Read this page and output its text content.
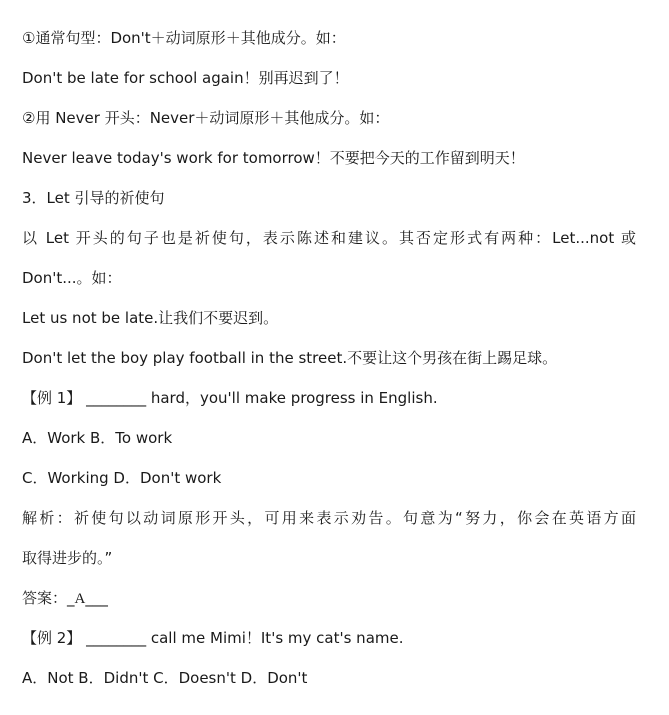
①通常句型：Don't＋动词原形＋其他成分。如：
Don't be late for school again！别再迟到了！
②用 Never 开头：Never＋动词原形＋其他成分。如：
Never leave today's work for tomorrow！不要把今天的工作留到明天！
3．Let 引导的祈使句
以 Let 开头的句子也是祈使句，表示陈述和建议。其否定形式有两种：Let...not 或
Don't...。如：
Let us not be late.让我们不要迟到。
Don't let the boy play football in the street.不要让这个男孩在街上踢足球。
【例 1】 ________ hard，you'll make progress in English.
A．Work B．To work
C．Working D．Don't work
解析：祈使句以动词原形开头，可用来表示劝告。句意为“努力，你会在英语方面
取得进步的。”
答案：_A___
【例 2】 ________ call me Mimi！It's my cat's name.
A．Not B．Didn't C．Doesn't D．Don't
